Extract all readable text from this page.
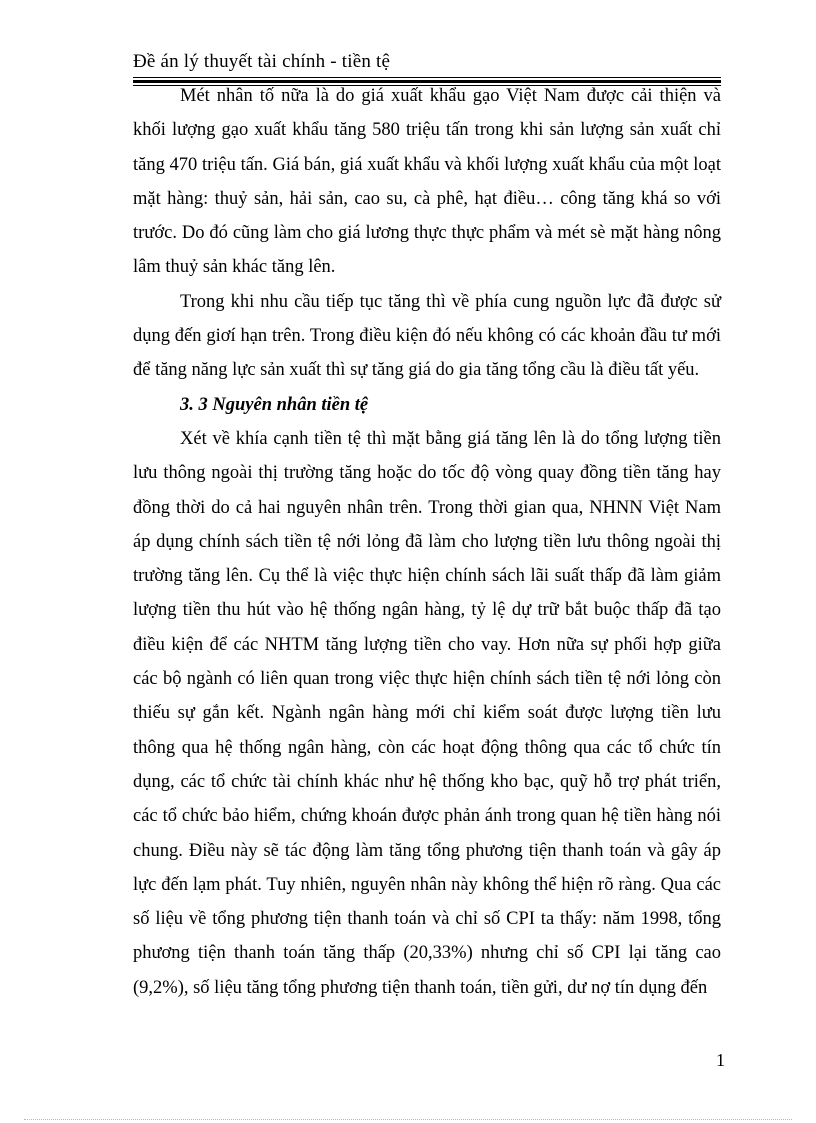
Đề án lý thuyết tài chính - tiền tệ

Mét nhân tố nữa là do giá xuất khẩu gạo Việt Nam được cải thiện và khối lượng gạo xuất khẩu tăng 580 triệu tấn trong khi sản lượng sản xuất chỉ tăng 470 triệu tấn. Giá bán, giá xuất khẩu và khối lượng xuất khẩu của một loạt mặt hàng: thuỷ sản, hải sản, cao su, cà phê, hạt điều… công tăng khá so với trước. Do đó cũng làm cho giá lương thực thực phẩm và mét sè mặt hàng nông lâm thuỷ sản khác tăng lên.

Trong khi nhu cầu tiếp tục tăng thì về phía cung nguồn lực đã được sử dụng đến giơí hạn trên. Trong điều kiện đó nếu không có các khoản đầu tư mới để tăng năng lực sản xuất thì sự tăng giá do gia tăng tổng cầu là điều tất yếu.

3. 3 Nguyên nhân tiền tệ

Xét về khía cạnh tiền tệ thì mặt bằng giá tăng lên là do tổng lượng tiền lưu thông ngoài thị trường tăng hoặc do tốc độ vòng quay đồng tiền tăng hay đồng thời do cả hai nguyên nhân trên. Trong thời gian qua, NHNN Việt Nam áp dụng chính sách tiền tệ nới lỏng đã làm cho lượng tiền lưu thông ngoài thị trường tăng lên. Cụ thể là việc thực hiện chính sách lãi suất thấp đã làm giảm lượng tiền thu hút vào hệ thống ngân hàng, tỷ lệ dự trữ bắt buộc thấp đã tạo điều kiện để các NHTM tăng lượng tiền cho vay. Hơn nữa sự phối hợp giữa các bộ ngành có liên quan trong việc thực hiện chính sách tiền tệ nới lỏng còn thiếu sự gắn kết. Ngành ngân hàng mới chỉ kiểm soát được lượng tiền lưu thông qua hệ thống ngân hàng, còn các hoạt động thông qua các tổ chức tín dụng, các tổ chức tài chính khác như hệ thống kho bạc, quỹ hỗ trợ phát triển, các tổ chức bảo hiểm, chứng khoán được phản ánh trong quan hệ tiền hàng nói chung. Điều này sẽ tác động làm tăng tổng phương tiện thanh toán và gây áp lực đến lạm phát. Tuy nhiên, nguyên nhân này không thể hiện rõ ràng. Qua các số liệu về tổng phương tiện thanh toán và chỉ số CPI ta thấy: năm 1998, tổng phương tiện thanh toán tăng thấp (20,33%) nhưng chỉ số CPI lại tăng cao (9,2%), số liệu tăng tổng phương tiện thanh toán, tiền gửi, dư nợ tín dụng đến

1
